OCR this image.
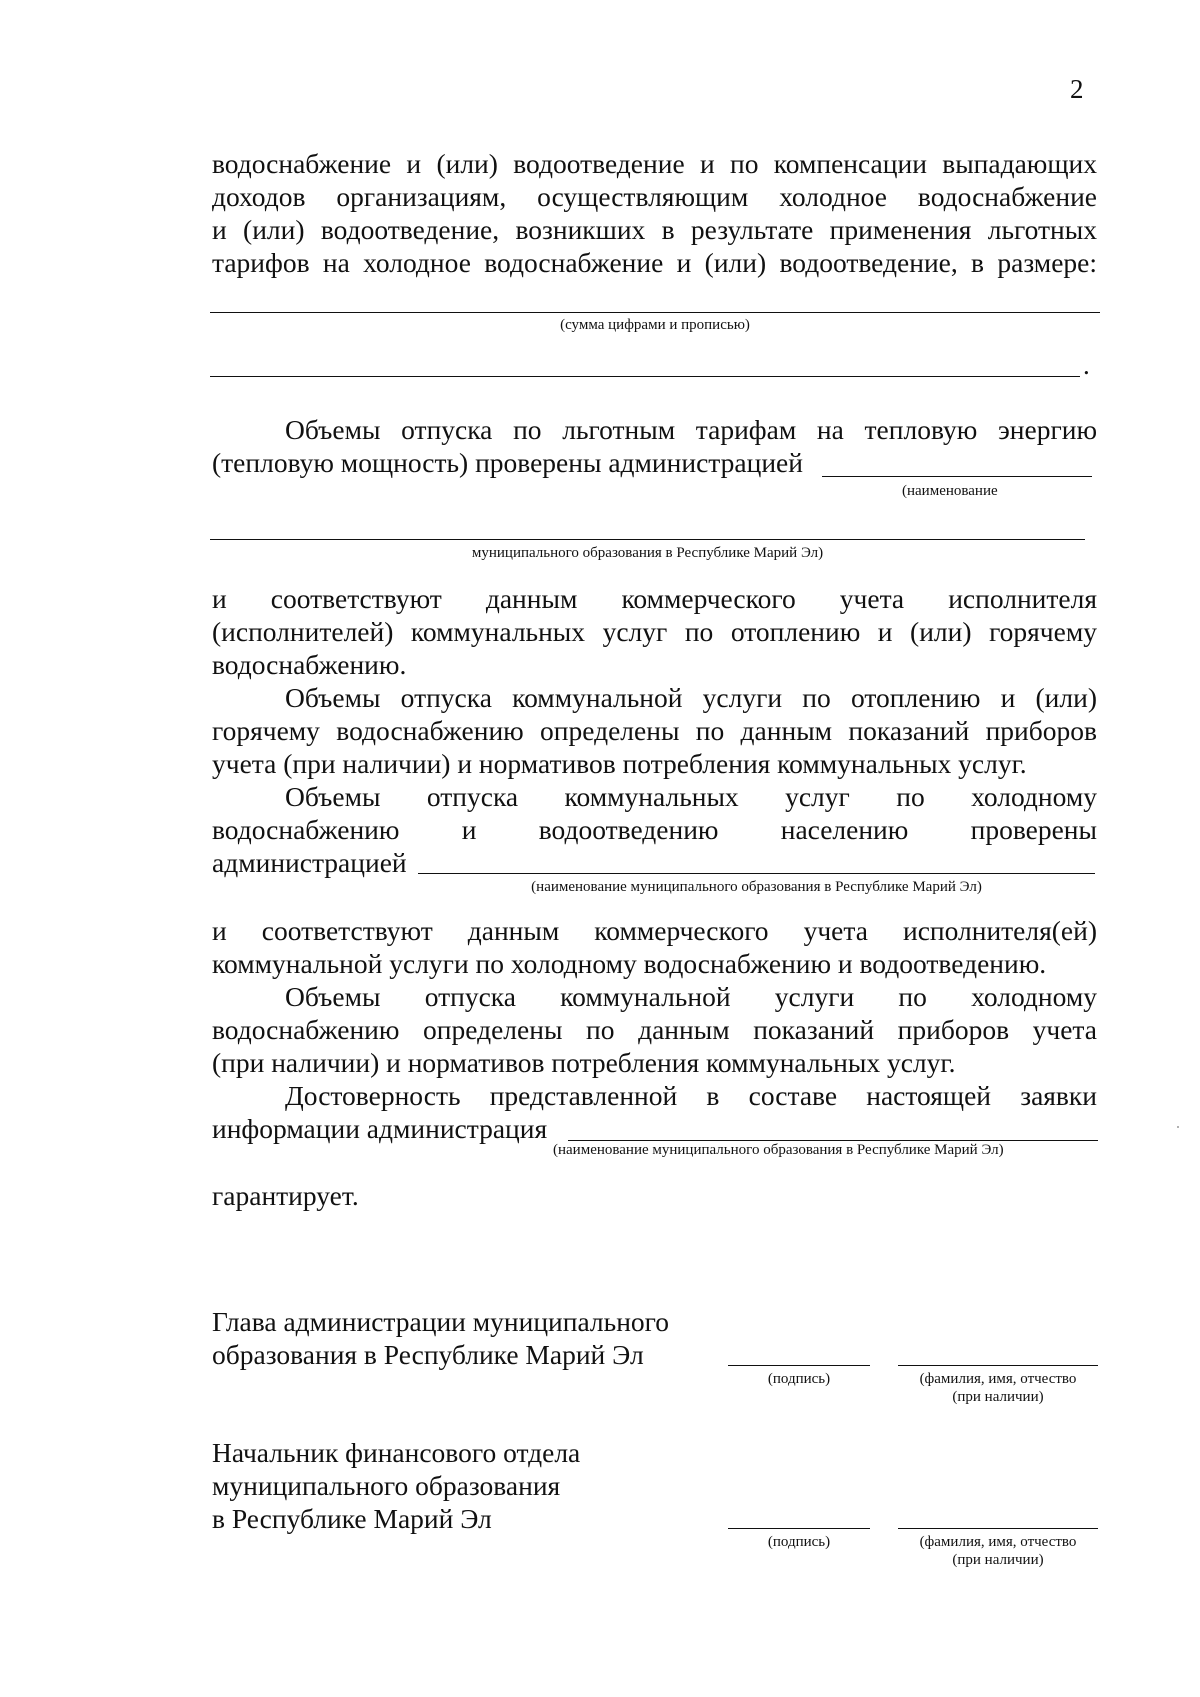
2
водоснабжение и (или) водоотведение и по компенсации выпадающих
доходов организациям, осуществляющим холодное водоснабжение
и (или) водоотведение, возникших в результате применения льготных
тарифов на холодное водоснабжение и (или) водоотведение, в размере:
(сумма цифрами и прописью)
.
Объемы отпуска по льготным тарифам на тепловую энергию
(тепловую мощность) проверены администрацией
(наименование
муниципального образования в Республике Марий Эл)
и соответствуют данным коммерческого учета исполнителя
(исполнителей) коммунальных услуг по отоплению и (или) горячему
водоснабжению.
Объемы отпуска коммунальной услуги по отоплению и (или)
горячему водоснабжению определены по данным показаний приборов
учета (при наличии) и нормативов потребления коммунальных услуг.
Объемы отпуска коммунальных услуг по холодному
водоснабжению и водоотведению населению проверены
администрацией
(наименование муниципального образования в Республике Марий Эл)
и соответствуют данным коммерческого учета исполнителя(ей)
коммунальной услуги по холодному водоснабжению и водоотведению.
Объемы отпуска коммунальной услуги по холодному
водоснабжению определены по данным показаний приборов учета
(при наличии) и нормативов потребления коммунальных услуг.
Достоверность представленной в составе настоящей заявки
информации администрация
(наименование муниципального образования в Республике Марий Эл)
гарантирует.
Глава администрации муниципального
образования в Республике Марий Эл
(подпись)	(фамилия, имя, отчество
(при наличии)
Начальник финансового отдела
муниципального образования
в Республике Марий Эл
(подпись)	(фамилия, имя, отчество
(при наличии)
